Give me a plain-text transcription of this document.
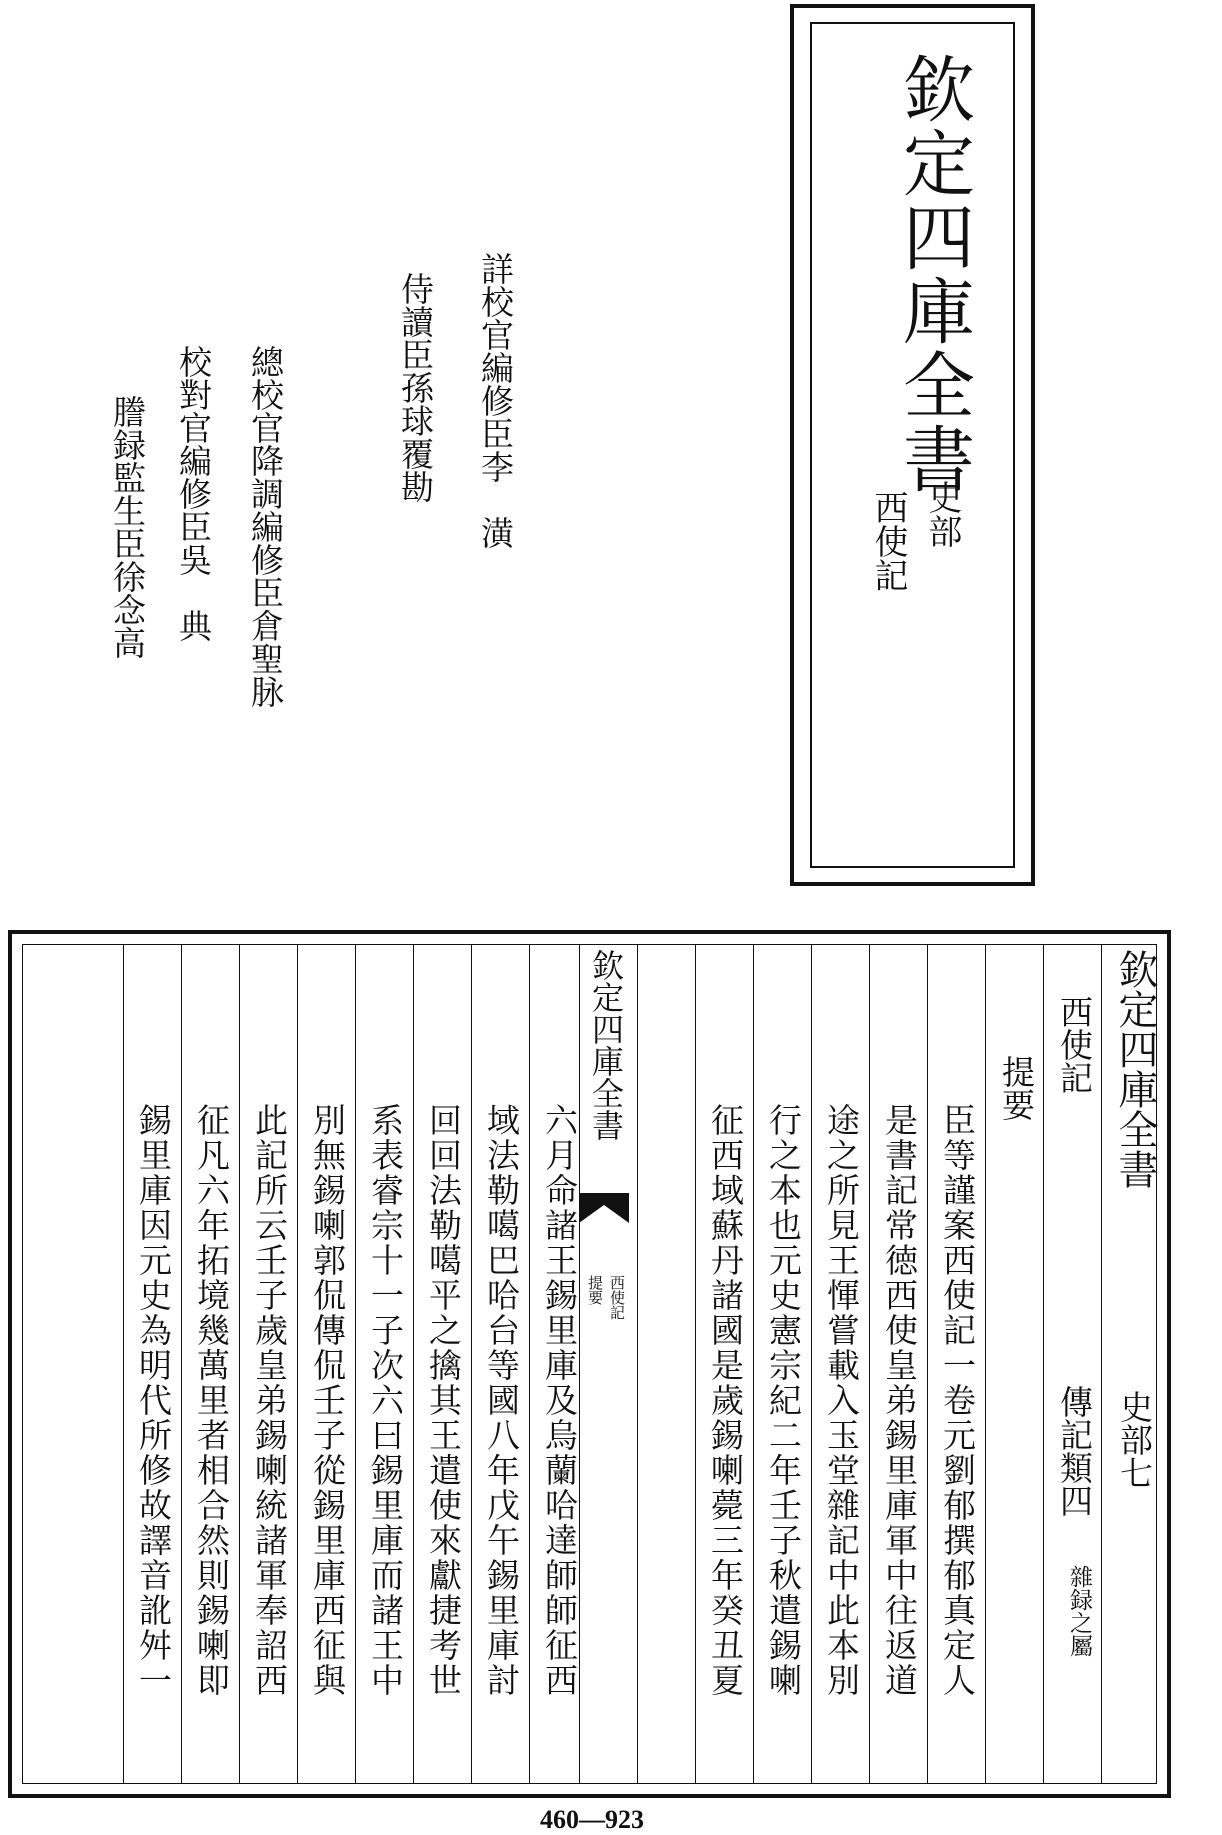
欽定四庫全書
史部
西使記
詳校官編修臣李　潢
侍讀臣孫球覆勘
總校官降調編修臣倉聖脉
校對官編修臣吳　典
謄録監生臣徐念高
欽定四庫全書
史部七
西使記
傳記類四
雜録之屬
提要
臣等謹案西使記一卷元劉郁撰郁真定人
是書記常徳西使皇弟錫里庫軍中往返道
途之所見王惲嘗載入玉堂雜記中此本別
行之本也元史憲宗紀二年壬子秋遣錫喇
征西域蘇丹諸國是歲錫喇薨三年癸丑夏
欽定四庫全書
西使記
提要
六月命諸王錫里庫及烏蘭哈達師師征西
域法勒噶巴哈台等國八年戊午錫里庫討
回回法勒噶平之擒其王遣使來獻捷考世
系表睿宗十一子次六曰錫里庫而諸王中
別無錫喇郭侃傳侃壬子從錫里庫西征與
此記所云壬子歲皇弟錫喇統諸軍奉詔西
征凡六年拓境幾萬里者相合然則錫喇即
錫里庫因元史為明代所修故譯音訛舛一
460—923
